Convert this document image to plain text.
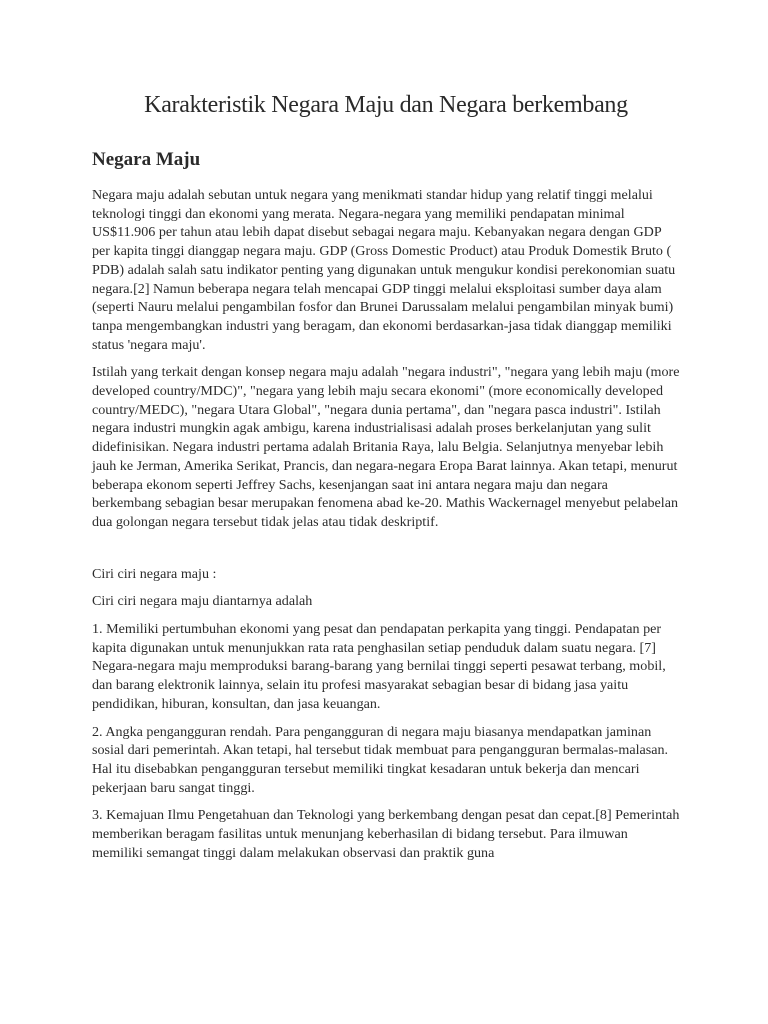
Karakteristik Negara Maju dan Negara berkembang
Negara Maju

Negara maju adalah sebutan untuk negara yang menikmati standar hidup yang relatif tinggi melalui teknologi tinggi dan ekonomi yang merata. Negara-negara yang memiliki pendapatan minimal US$11.906 per tahun atau lebih dapat disebut sebagai negara maju. Kebanyakan negara dengan GDP per kapita tinggi dianggap negara maju. GDP (Gross Domestic Product) atau Produk Domestik Bruto ( PDB) adalah salah satu indikator penting yang digunakan untuk mengukur kondisi perekonomian suatu negara.[2] Namun beberapa negara telah mencapai GDP tinggi melalui eksploitasi sumber daya alam (seperti Nauru melalui pengambilan fosfor dan Brunei Darussalam melalui pengambilan minyak bumi) tanpa mengembangkan industri yang beragam, dan ekonomi berdasarkan-jasa tidak dianggap memiliki status 'negara maju'.

Istilah yang terkait dengan konsep negara maju adalah "negara industri", "negara yang lebih maju (more developed country/MDC)", "negara yang lebih maju secara ekonomi" (more economically developed country/MEDC), "negara Utara Global", "negara dunia pertama", dan "negara pasca industri". Istilah negara industri mungkin agak ambigu, karena industrialisasi adalah proses berkelanjutan yang sulit didefinisikan. Negara industri pertama adalah Britania Raya, lalu Belgia. Selanjutnya menyebar lebih jauh ke Jerman, Amerika Serikat, Prancis, dan negara-negara Eropa Barat lainnya. Akan tetapi, menurut beberapa ekonom seperti Jeffrey Sachs, kesenjangan saat ini antara negara maju dan negara berkembang sebagian besar merupakan fenomena abad ke-20. Mathis Wackernagel menyebut pelabelan dua golongan negara tersebut tidak jelas atau tidak deskriptif.

Ciri ciri negara maju :

Ciri ciri negara maju diantarnya adalah

1. Memiliki pertumbuhan ekonomi yang pesat dan pendapatan perkapita yang tinggi. Pendapatan per kapita digunakan untuk menunjukkan rata rata penghasilan setiap penduduk dalam suatu negara. [7] Negara-negara maju memproduksi barang-barang yang bernilai tinggi seperti pesawat terbang, mobil, dan barang elektronik lainnya, selain itu profesi masyarakat sebagian besar di bidang jasa yaitu pendidikan, hiburan, konsultan, dan jasa keuangan.

2. Angka pengangguran rendah. Para pengangguran di negara maju biasanya mendapatkan jaminan sosial dari pemerintah. Akan tetapi, hal tersebut tidak membuat para pengangguran bermalas-malasan. Hal itu disebabkan pengangguran tersebut memiliki tingkat kesadaran untuk bekerja dan mencari pekerjaan baru sangat tinggi.

3. Kemajuan Ilmu Pengetahuan dan Teknologi yang berkembang dengan pesat dan cepat.[8] Pemerintah memberikan beragam fasilitas untuk menunjang keberhasilan di bidang tersebut. Para ilmuwan memiliki semangat tinggi dalam melakukan observasi dan praktik guna
